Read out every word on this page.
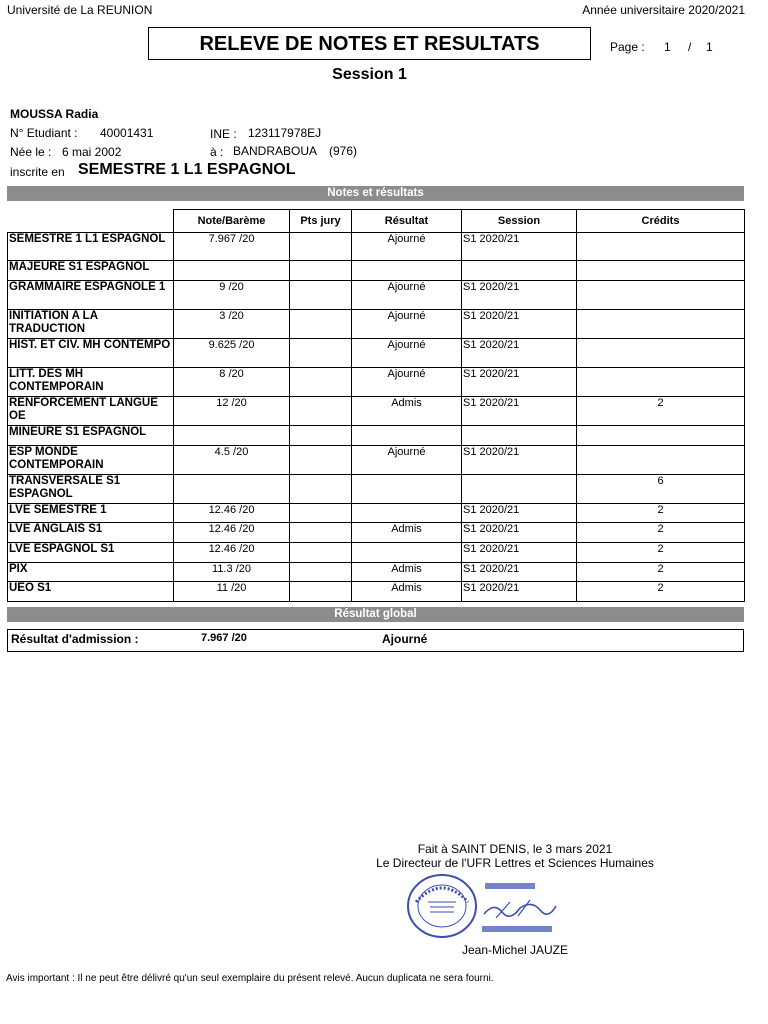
Université de La REUNION	Année universitaire 2020/2021
RELEVE DE NOTES ET RESULTATS	Page : 1 / 1
Session 1
MOUSSA Radia
N° Etudiant : 40001431	INE : 123117978EJ
Née le : 6 mai 2002	à : BANDRABOUA (976)
inscrite en SEMESTRE 1 L1 ESPAGNOL
Notes et résultats
	Note/Barème	Pts jury	Résultat	Session	Crédits
SEMESTRE 1 L1 ESPAGNOL	7.967 /20		Ajourné	S1 2020/21	
MAJEURE S1 ESPAGNOL					
GRAMMAIRE ESPAGNOLE 1	9 /20		Ajourné	S1 2020/21	
INITIATION A LA TRADUCTION	3 /20		Ajourné	S1 2020/21	
HIST. ET CIV. MH CONTEMPO	9.625 /20		Ajourné	S1 2020/21	
LITT. DES MH CONTEMPORAIN	8 /20		Ajourné	S1 2020/21	
RENFORCEMENT LANGUE OE	12 /20		Admis	S1 2020/21	2
MINEURE S1 ESPAGNOL					
ESP MONDE CONTEMPORAIN	4.5 /20		Ajourné	S1 2020/21	
TRANSVERSALE S1 ESPAGNOL					6
LVE SEMESTRE 1	12.46 /20			S1 2020/21	2
LVE ANGLAIS S1	12.46 /20		Admis	S1 2020/21	2
LVE ESPAGNOL S1	12.46 /20			S1 2020/21	2
PIX	11.3 /20		Admis	S1 2020/21	2
UEO S1	11 /20		Admis	S1 2020/21	2
Résultat global
Résultat d'admission :	7.967 /20	Ajourné
Fait à SAINT DENIS, le 3 mars 2021
Le Directeur de l'UFR Lettres et Sciences Humaines
Jean-Michel JAUZE
Avis important : Il ne peut être délivré qu'un seul exemplaire du présent relevé. Aucun duplicata ne sera fourni.
